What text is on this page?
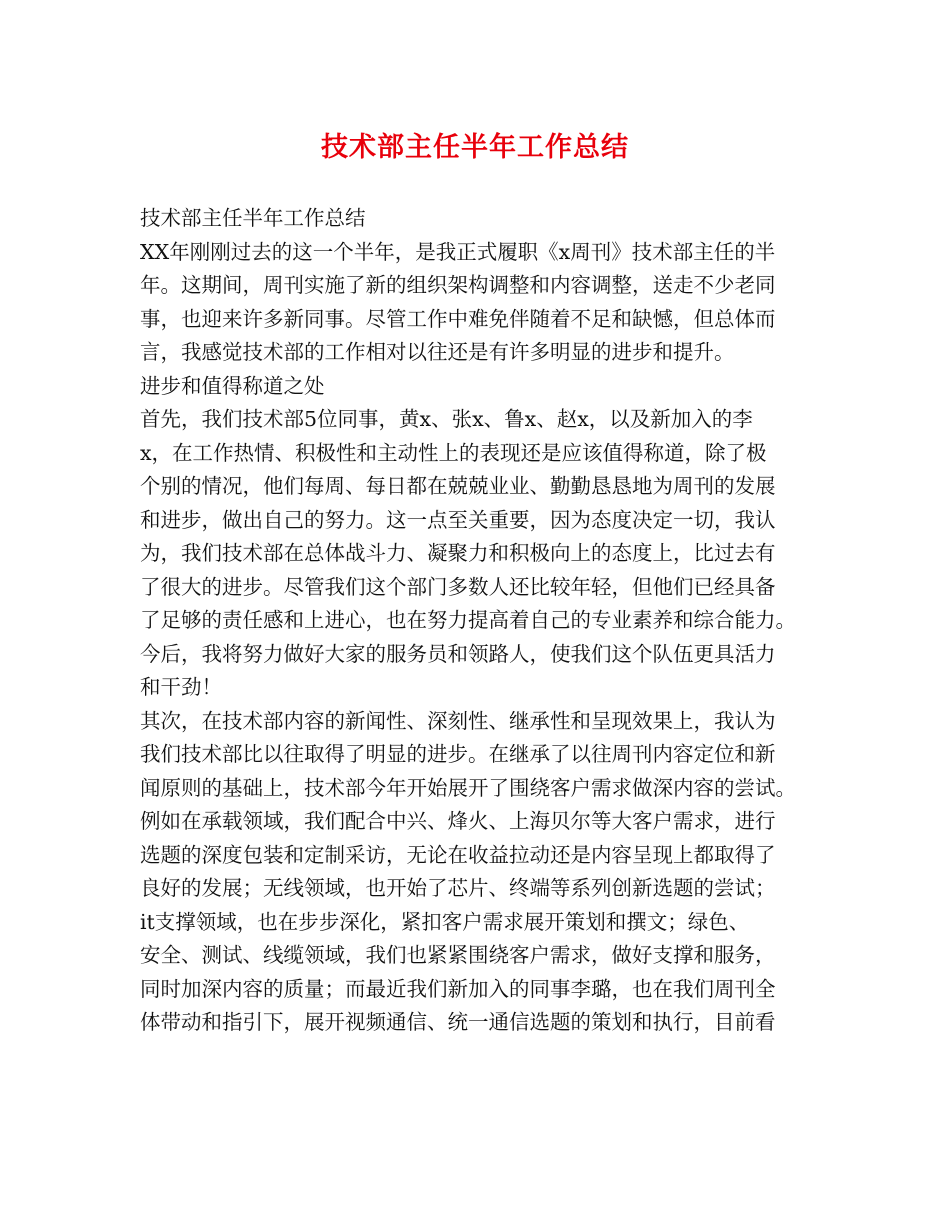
技术部主任半年工作总结
技术部主任半年工作总结
XX年刚刚过去的这一个半年，是我正式履职《x周刊》技术部主任的半
年。这期间，周刊实施了新的组织架构调整和内容调整，送走不少老同
事，也迎来许多新同事。尽管工作中难免伴随着不足和缺憾，但总体而
言，我感觉技术部的工作相对以往还是有许多明显的进步和提升。
进步和值得称道之处
首先，我们技术部5位同事，黄x、张x、鲁x、赵x，以及新加入的李
x，在工作热情、积极性和主动性上的表现还是应该值得称道，除了极
个别的情况，他们每周、每日都在兢兢业业、勤勤恳恳地为周刊的发展
和进步，做出自己的努力。这一点至关重要，因为态度决定一切，我认
为，我们技术部在总体战斗力、凝聚力和积极向上的态度上，比过去有
了很大的进步。尽管我们这个部门多数人还比较年轻，但他们已经具备
了足够的责任感和上进心，也在努力提高着自己的专业素养和综合能力。
今后，我将努力做好大家的服务员和领路人，使我们这个队伍更具活力
和干劲！
其次，在技术部内容的新闻性、深刻性、继承性和呈现效果上，我认为
我们技术部比以往取得了明显的进步。在继承了以往周刊内容定位和新
闻原则的基础上，技术部今年开始展开了围绕客户需求做深内容的尝试。
例如在承载领域，我们配合中兴、烽火、上海贝尔等大客户需求，进行
选题的深度包装和定制采访，无论在收益拉动还是内容呈现上都取得了
良好的发展；无线领域，也开始了芯片、终端等系列创新选题的尝试；
it支撑领域，也在步步深化，紧扣客户需求展开策划和撰文；绿色、
安全、测试、线缆领域，我们也紧紧围绕客户需求，做好支撑和服务，
同时加深内容的质量；而最近我们新加入的同事李璐，也在我们周刊全
体带动和指引下，展开视频通信、统一通信选题的策划和执行，目前看
